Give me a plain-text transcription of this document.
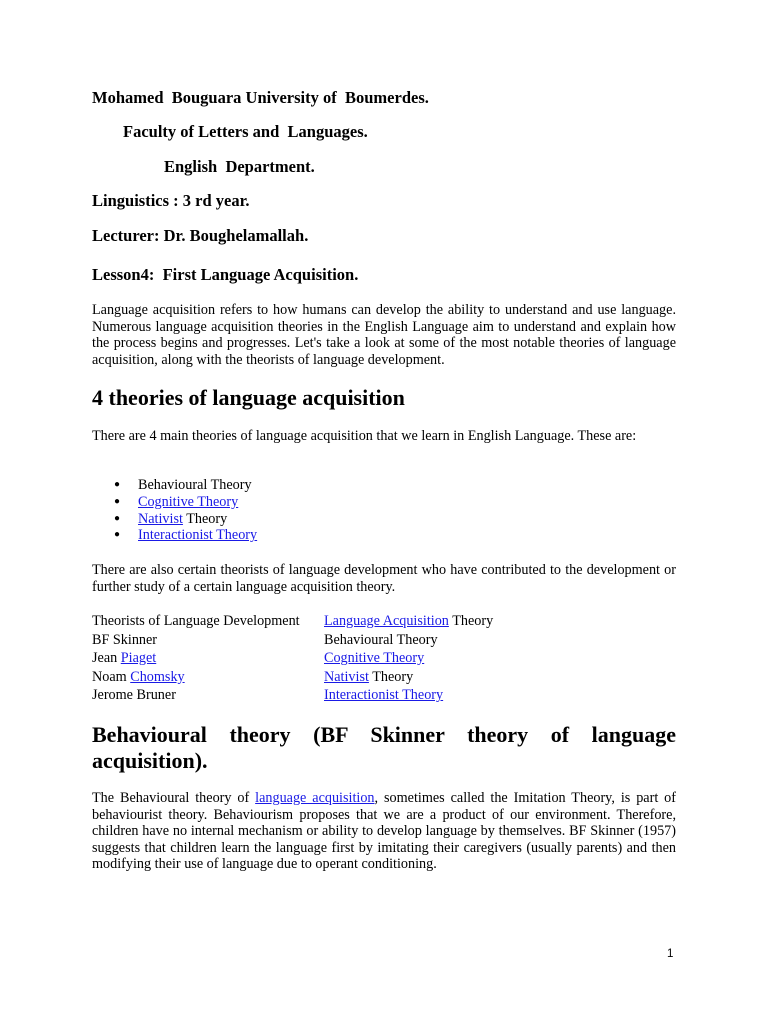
Mohamed  Bouguara University of  Boumerdes.

Faculty of Letters and  Languages.

English  Department.

Linguistics : 3 rd year.

Lecturer: Dr. Boughelamallah.

Lesson4:  First Language Acquisition.

Language acquisition refers to how humans can develop the ability to understand and use language. Numerous language acquisition theories in the English Language aim to understand and explain how the process begins and progresses. Let's take a look at some of the most notable theories of language acquisition, along with the theorists of language development.

4 theories of language acquisition

There are 4 main theories of language acquisition that we learn in English Language. These are:

● Behavioural Theory
● Cognitive Theory
● Nativist Theory
● Interactionist Theory

There are also certain theorists of language development who have contributed to the development or further study of a certain language acquisition theory.

Theorists of Language Development	Language Acquisition Theory
BF Skinner	Behavioural Theory
Jean Piaget	Cognitive Theory
Noam Chomsky	Nativist Theory
Jerome Bruner	Interactionist Theory

Behavioural theory (BF Skinner theory of language acquisition).

The Behavioural theory of language acquisition, sometimes called the Imitation Theory, is part of behaviourist theory. Behaviourism proposes that we are a product of our environment. Therefore, children have no internal mechanism or ability to develop language by themselves. BF Skinner (1957) suggests that children learn the language first by imitating their caregivers (usually parents) and then modifying their use of language due to operant conditioning.

1
